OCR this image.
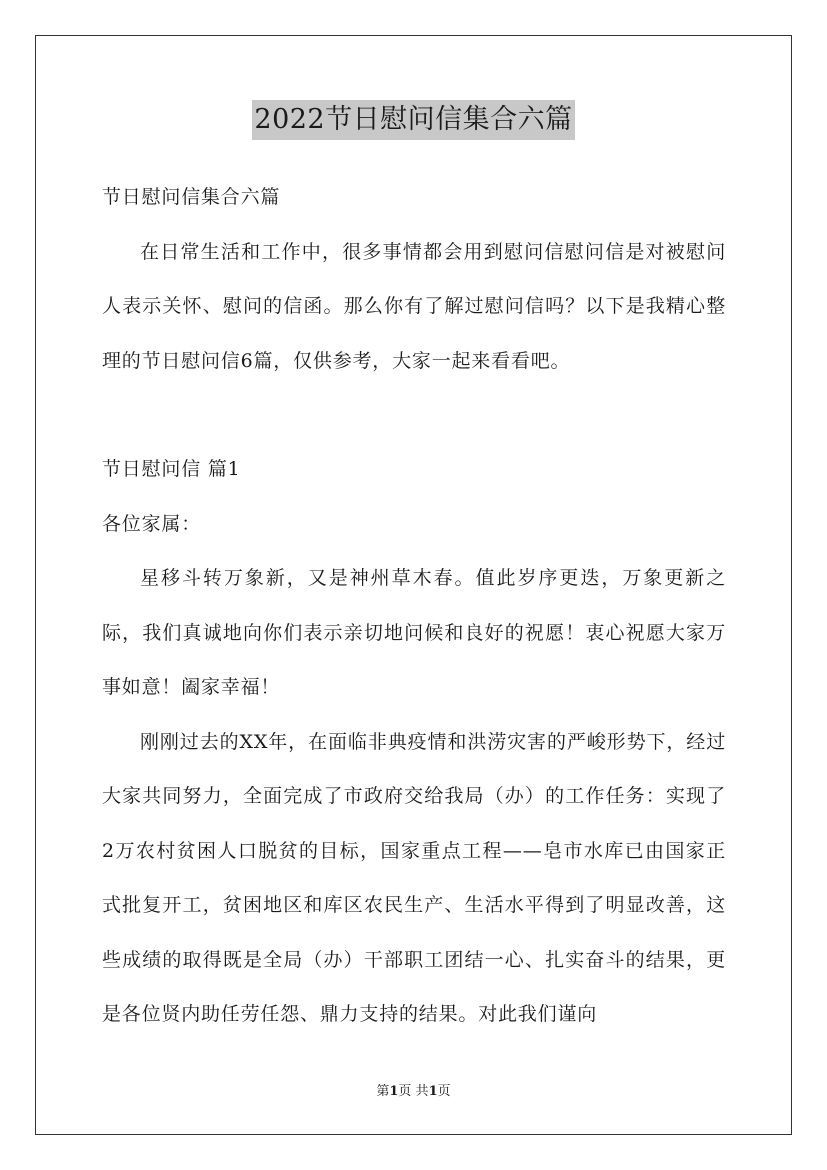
2022节日慰问信集合六篇

节日慰问信集合六篇

在日常生活和工作中，很多事情都会用到慰问信慰问信是对被慰问人表示关怀、慰问的信函。那么你有了解过慰问信吗？以下是我精心整理的节日慰问信6篇，仅供参考，大家一起来看看吧。

节日慰问信 篇1

各位家属：

星移斗转万象新，又是神州草木春。值此岁序更迭，万象更新之际，我们真诚地向你们表示亲切地问候和良好的祝愿！衷心祝愿大家万事如意！阖家幸福！

刚刚过去的XX年，在面临非典疫情和洪涝灾害的严峻形势下，经过大家共同努力，全面完成了市政府交给我局（办）的工作任务：实现了2万农村贫困人口脱贫的目标，国家重点工程——皂市水库已由国家正式批复开工，贫困地区和库区农民生产、生活水平得到了明显改善，这些成绩的取得既是全局（办）干部职工团结一心、扎实奋斗的结果，更是各位贤内助任劳任怨、鼎力支持的结果。对此我们谨向

第1页 共1页
